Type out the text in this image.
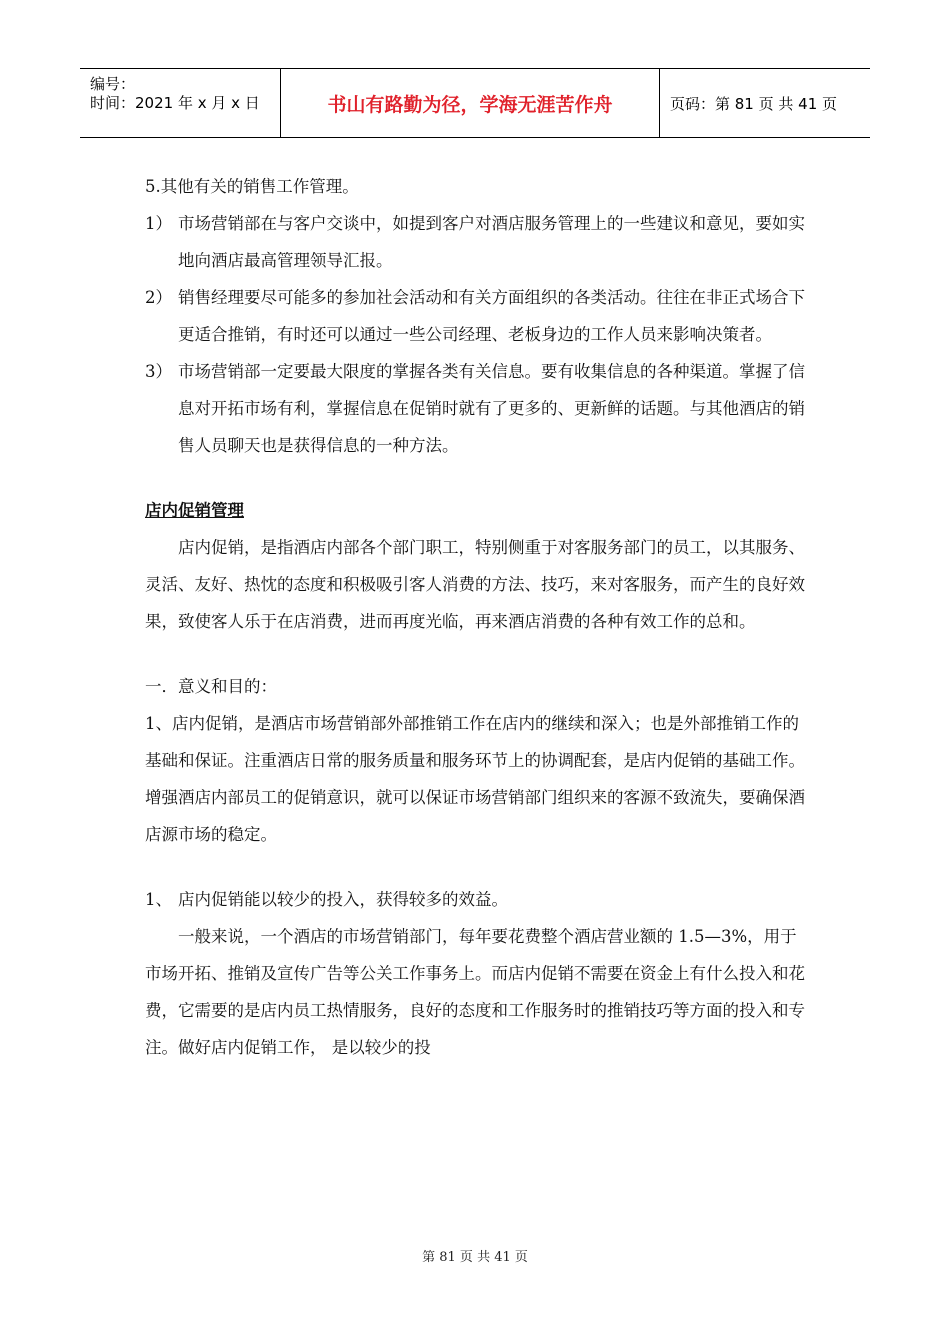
编号：
时间：2021 年 x 月 x 日	书山有路勤为径，学海无涯苦作舟	页码：第 81 页 共 41 页

5.其他有关的销售工作管理。

1） 市场营销部在与客户交谈中，如提到客户对酒店服务管理上的一些建议和意见，要如实地向酒店最高管理领导汇报。
2） 销售经理要尽可能多的参加社会活动和有关方面组织的各类活动。往往在非正式场合下更适合推销，有时还可以通过一些公司经理、老板身边的工作人员来影响决策者。
3） 市场营销部一定要最大限度的掌握各类有关信息。要有收集信息的各种渠道。掌握了信息对开拓市场有利，掌握信息在促销时就有了更多的、更新鲜的话题。与其他酒店的销售人员聊天也是获得信息的一种方法。

店内促销管理

店内促销，是指酒店内部各个部门职工，特别侧重于对客服务部门的员工，以其服务、灵活、友好、热忱的态度和积极吸引客人消费的方法、技巧，来对客服务，而产生的良好效果，致使客人乐于在店消费，进而再度光临，再来酒店消费的各种有效工作的总和。

一．意义和目的：

1、店内促销，是酒店市场营销部外部推销工作在店内的继续和深入；也是外部推销工作的基础和保证。注重酒店日常的服务质量和服务环节上的协调配套，是店内促销的基础工作。增强酒店内部员工的促销意识，就可以保证市场营销部门组织来的客源不致流失，要确保酒店源市场的稳定。

1、 店内促销能以较少的投入，获得较多的效益。

一般来说，一个酒店的市场营销部门，每年要花费整个酒店营业额的 1.5—3%，用于市场开拓、推销及宣传广告等公关工作事务上。而店内促销不需要在资金上有什么投入和花费，它需要的是店内员工热情服务，良好的态度和工作服务时的推销技巧等方面的投入和专注。做好店内促销工作， 是以较少的投

第 81 页 共 41 页
